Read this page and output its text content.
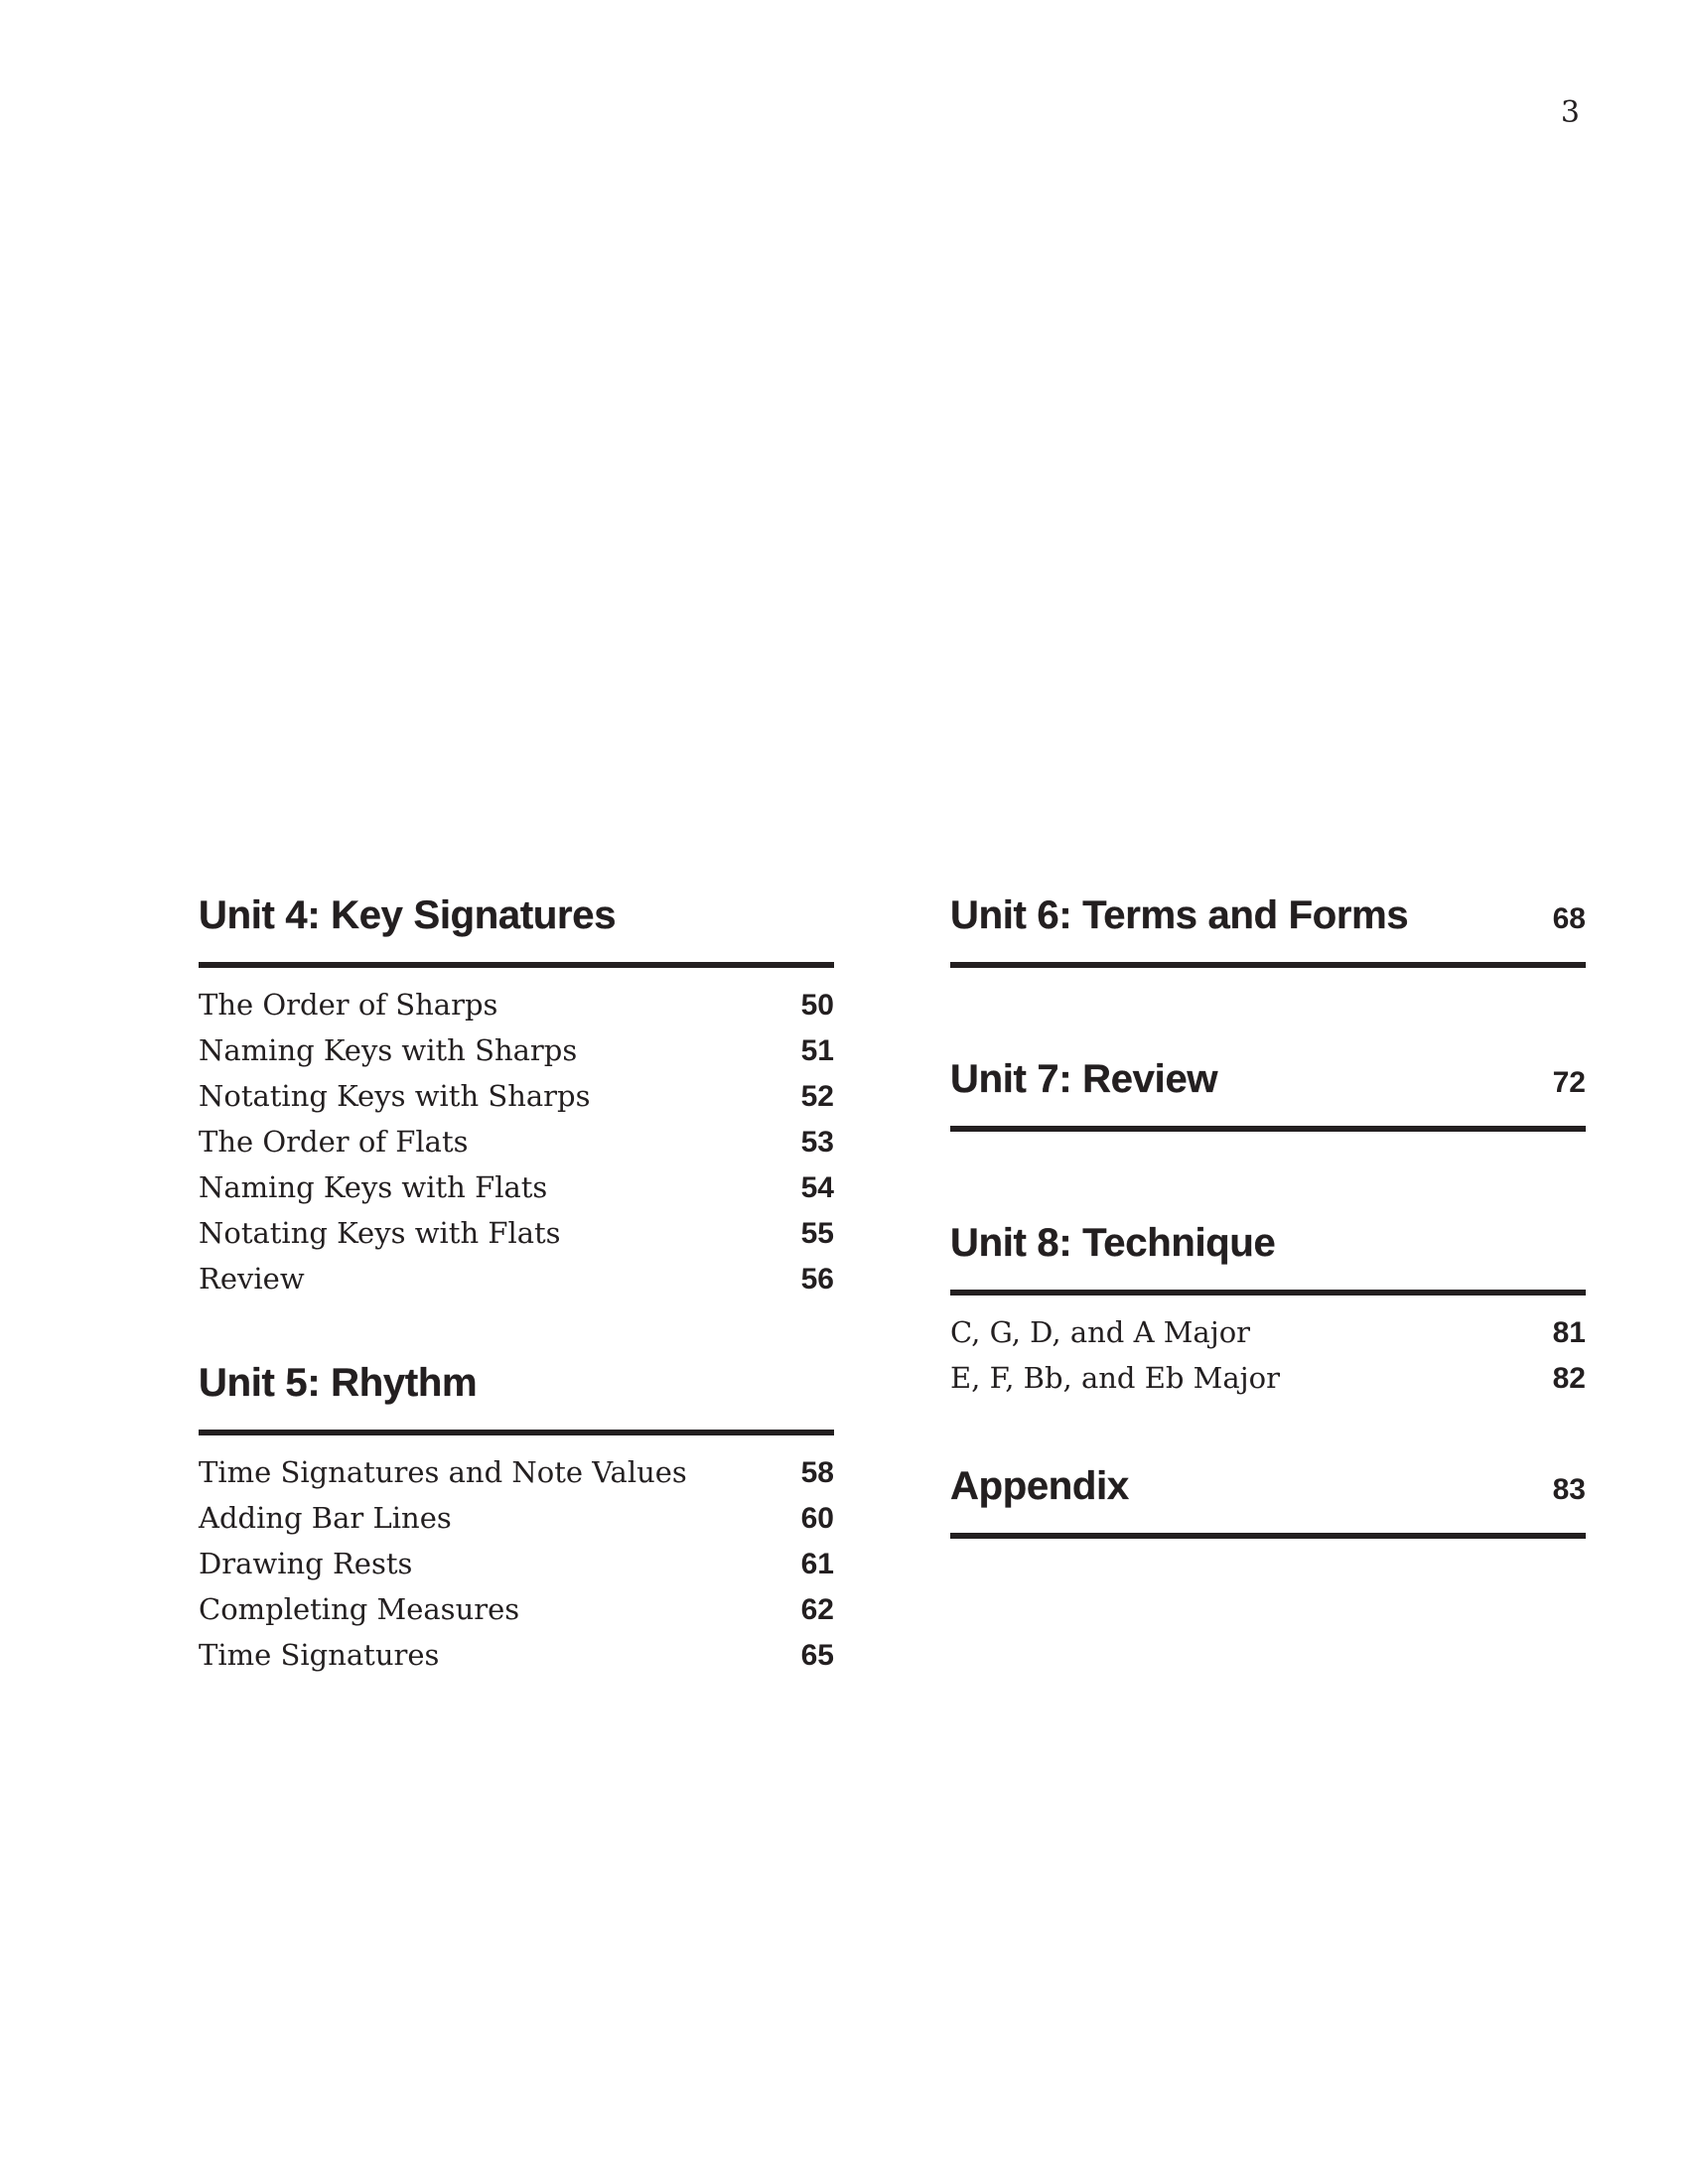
3
Unit 4: Key Signatures
The Order of Sharps	50
Naming Keys with Sharps	51
Notating Keys with Sharps	52
The Order of Flats	53
Naming Keys with Flats	54
Notating Keys with Flats	55
Review	56
Unit 5: Rhythm
Time Signatures and Note Values	58
Adding Bar Lines	60
Drawing Rests	61
Completing Measures	62
Time Signatures	65
Unit 6: Terms and Forms	68
Unit 7: Review	72
Unit 8: Technique
C, G, D, and A Major	81
E, F, Bb, and Eb Major	82
Appendix	83
